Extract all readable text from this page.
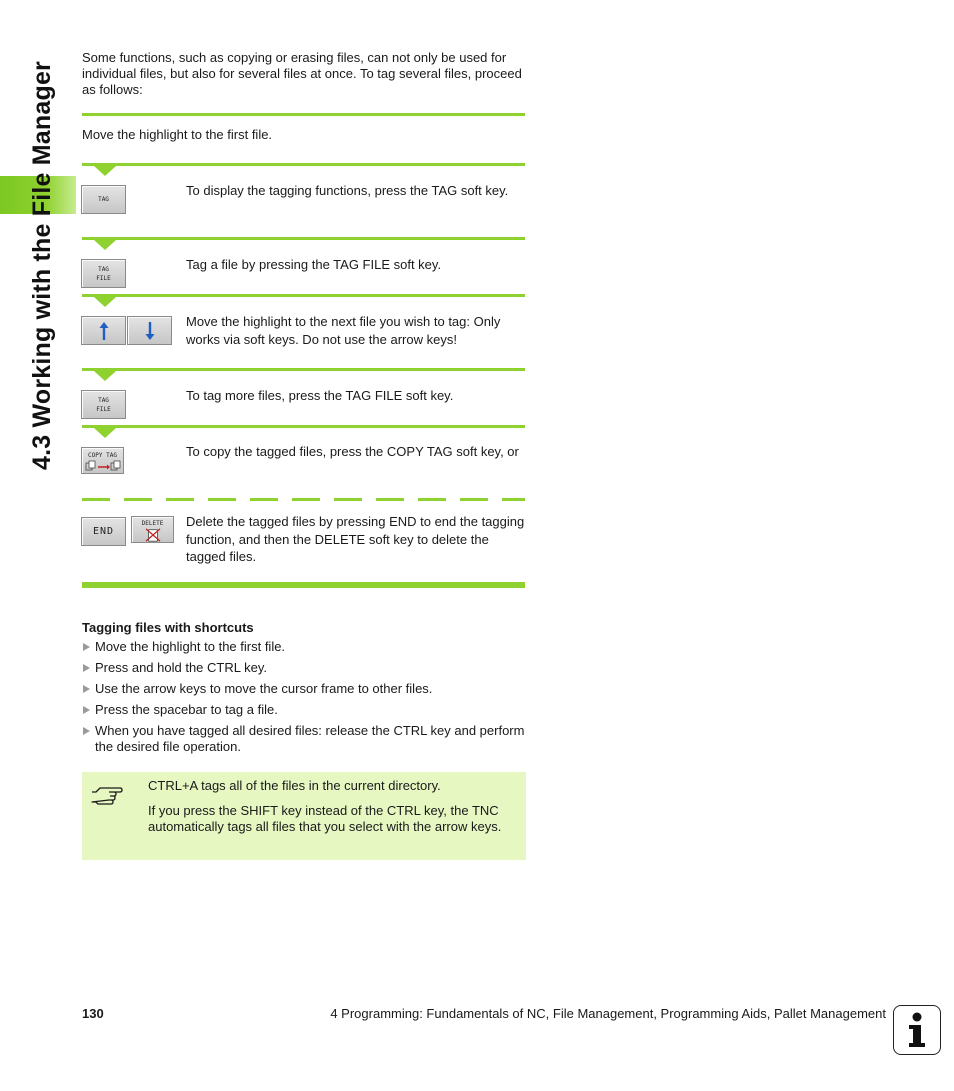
4.3 Working with the File Manager
Some functions, such as copying or erasing files, can not only be used for individual files, but also for several files at once. To tag several files, proceed as follows:
Move the highlight to the first file.
TAG
To display the tagging functions, press the TAG soft key.
TAG
FILE
Tag a file by pressing the TAG FILE soft key.
Move the highlight to the next file you wish to tag: Only works via soft keys. Do not use the arrow keys!
TAG
FILE
To tag more files, press the TAG FILE soft key.
COPY TAG	To copy the tagged files, press the COPY TAG soft key, or
END
DELETE Delete the tagged files by pressing END to end the tagging function, and then the DELETE soft key to delete the tagged files.
Tagging files with shortcuts
Move the highlight to the first file.
Press and hold the CTRL key.
Use the arrow keys to move the cursor frame to other files.
Press the spacebar to tag a file.
When you have tagged all desired files: release the CTRL key and perform the desired file operation.
CTRL+A tags all of the files in the current directory.
If you press the SHIFT key instead of the CTRL key, the TNC automatically tags all files that you select with the arrow keys.
130	4 Programming: Fundamentals of NC, File Management, Programming Aids, Pallet Management
